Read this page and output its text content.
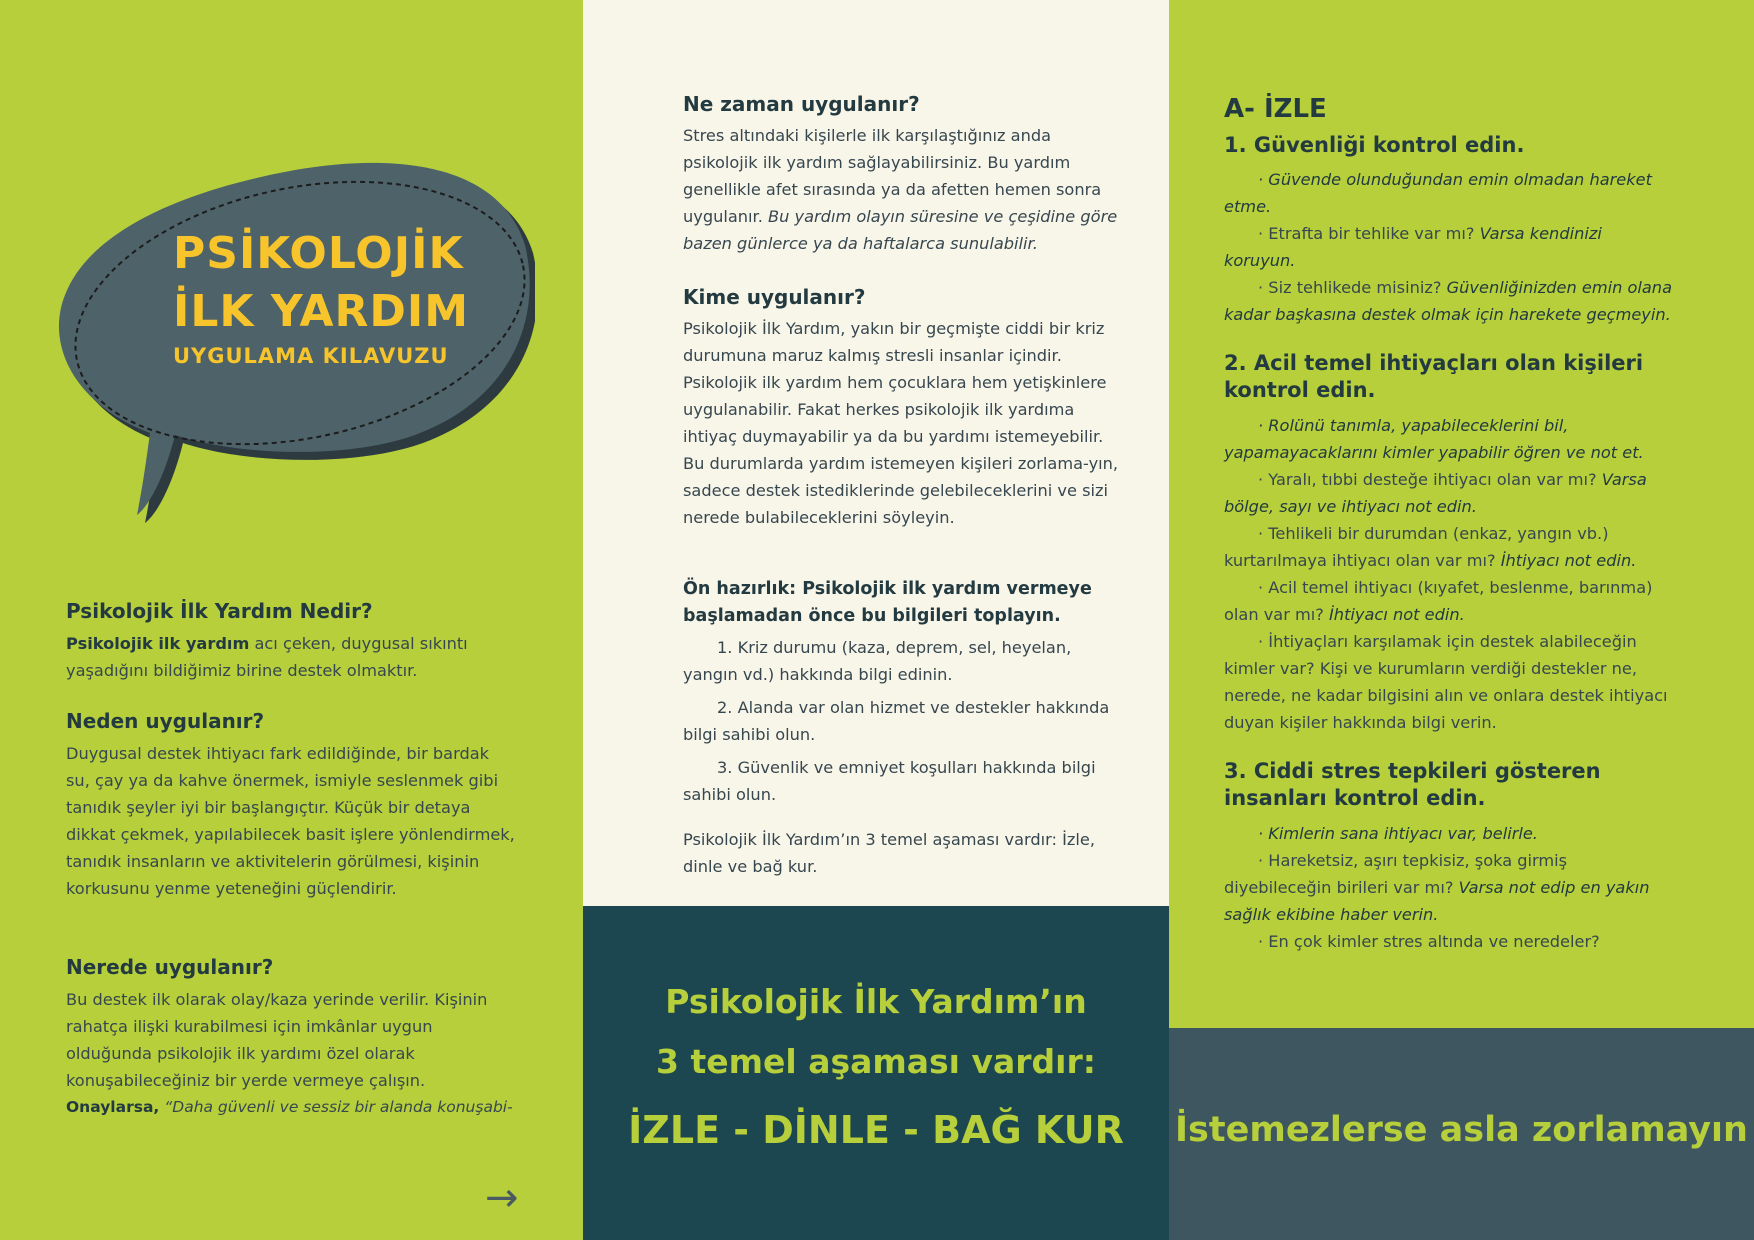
PSİKOLOJİK
İLK YARDIM
UYGULAMA KILAVUZU
Psikolojik İlk Yardım Nedir?

Psikolojik ilk yardım acı çeken, duygusal sıkıntı yaşadığını bildiğimiz birine destek olmaktır.

Neden uygulanır?

Duygusal destek ihtiyacı fark edildiğinde, bir bardak su, çay ya da kahve önermek, ismiyle seslenmek gibi tanıdık şeyler iyi bir başlangıçtır. Küçük bir detaya dikkat çekmek, yapılabilecek basit işlere yönlendirmek, tanıdık insanların ve aktivitelerin görülmesi, kişinin korkusunu yenme yeteneğini güçlendirir.

Nerede uygulanır?

Bu destek ilk olarak olay/kaza yerinde verilir. Kişinin rahatça ilişki kurabilmesi için imkânlar uygun olduğunda psikolojik ilk yardımı özel olarak konuşabileceğiniz bir yerde vermeye çalışın.

Onaylarsa, “Daha güvenli ve sessiz bir alanda konuşabi-

→
Ne zaman uygulanır?

Stres altındaki kişilerle ilk karşılaştığınız anda psikolojik ilk yardım sağlayabilirsiniz. Bu yardım genellikle afet sırasında ya da afetten hemen sonra uygulanır. Bu yardım olayın süresine ve çeşidine göre bazen günlerce ya da haftalarca sunulabilir.

Kime uygulanır?

Psikolojik İlk Yardım, yakın bir geçmişte ciddi bir kriz durumuna maruz kalmış stresli insanlar içindir. Psikolojik ilk yardım hem çocuklara hem yetişkinlere uygulanabilir. Fakat herkes psikolojik ilk yardıma ihtiyaç duymayabilir ya da bu yardımı istemeyebilir. Bu durumlarda yardım istemeyen kişileri zorlama-yın, sadece destek istediklerinde gelebileceklerini ve sizi nerede bulabileceklerini söyleyin.

Ön hazırlık: Psikolojik ilk yardım vermeye başlamadan önce bu bilgileri toplayın.

1. Kriz durumu (kaza, deprem, sel, heyelan, yangın vd.) hakkında bilgi edinin.

2. Alanda var olan hizmet ve destekler hakkında bilgi sahibi olun.

3. Güvenlik ve emniyet koşulları hakkında bilgi sahibi olun.

Psikolojik İlk Yardım’ın 3 temel aşaması vardır: İzle, dinle ve bağ kur.

Psikolojik İlk Yardım’ın
3 temel aşaması vardır:
İZLE - DİNLE - BAĞ KUR
A- İZLE
1. Güvenliği kontrol edin.

· Güvende olunduğundan emin olmadan hareket etme.

· Etrafta bir tehlike var mı? Varsa kendinizi koruyun.

· Siz tehlikede misiniz? Güvenliğinizden emin olana kadar başkasına destek olmak için harekete geçmeyin.

2. Acil temel ihtiyaçları olan kişileri kontrol edin.

· Rolünü tanımla, yapabileceklerini bil, yapamayacaklarını kimler yapabilir öğren ve not et.

· Yaralı, tıbbi desteğe ihtiyacı olan var mı? Varsa bölge, sayı ve ihtiyacı not edin.

· Tehlikeli bir durumdan (enkaz, yangın vb.) kurtarılmaya ihtiyacı olan var mı? İhtiyacı not edin.

· Acil temel ihtiyacı (kıyafet, beslenme, barınma) olan var mı? İhtiyacı not edin.

· İhtiyaçları karşılamak için destek alabileceğin kimler var? Kişi ve kurumların verdiği destekler ne, nerede, ne kadar bilgisini alın ve onlara destek ihtiyacı duyan kişiler hakkında bilgi verin.

3. Ciddi stres tepkileri gösteren insanları kontrol edin.

· Kimlerin sana ihtiyacı var, belirle.

· Hareketsiz, aşırı tepkisiz, şoka girmiş diyebileceğin birileri var mı? Varsa not edip en yakın sağlık ekibine haber verin.

· En çok kimler stres altında ve neredeler?

İstemezlerse asla zorlamayın
